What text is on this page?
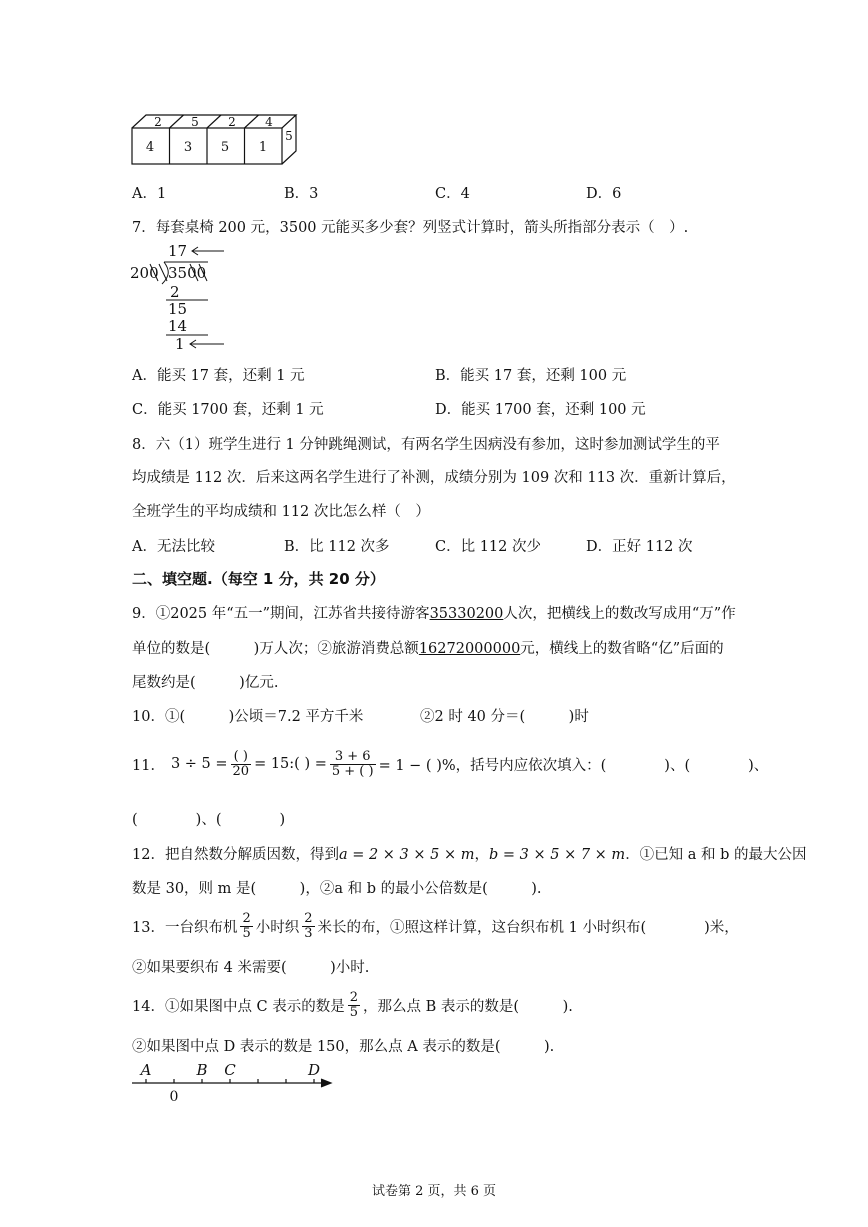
4 3 5 1
2 5 2 4
5
A．1	B．3	C．4	D．6
7．每套桌椅 200 元，3500 元能买多少套？列竖式计算时，箭头所指部分表示（　）.
17
200 3500
2
15
14
1
A．能买 17 套，还剩 1 元	B．能买 17 套，还剩 100 元
C．能买 1700 套，还剩 1 元	D．能买 1700 套，还剩 100 元
8．六（1）班学生进行 1 分钟跳绳测试，有两名学生因病没有参加，这时参加测试学生的平
均成绩是 112 次．后来这两名学生进行了补测，成绩分别为 109 次和 113 次．重新计算后，
全班学生的平均成绩和 112 次比怎么样（　）
A．无法比较	B．比 112 次多	C．比 112 次少	D．正好 112 次
二、填空题.（每空 1 分，共 20 分）
9．①2025 年“五一”期间，江苏省共接待游客35330200人次，把横线上的数改写成用“万”作
单位的数是(　　　)万人次；②旅游消费总额16272000000元，横线上的数省略“亿”后面的
尾数约是(　　　)亿元.
10．①(　　　)公顷＝7.2 平方千米	②2 时 40 分＝(　　　)时
11． $3 \div 5 = \frac{( )}{20}$ = 15:( ) = $\frac{3 + 6}{5 + ( )} = 1$ − ( )%，括号内应依次填入：(　　　　)、(　　　　)、
(　　　　)、(　　　　)
12．把自然数分解质因数，得到a = 2 × 3 × 5 × m，b = 3 × 5 × 7 × m．①已知 a 和 b 的最大公因
数是 30，则 m 是(　　　)，②a 和 b 的最小公倍数是(　　　).
13．一台织布机 $\frac{2}{5}$ 小时织 $\frac{2}{3}$ 米长的布，①照这样计算，这台织布机 1 小时织布(　　　　)米，
②如果要织布 4 米需要(　　　)小时.
14．①如果图中点 C 表示的数是 $\frac{2}{5}$ ，那么点 B 表示的数是(　　　).
②如果图中点 D 表示的数是 150，那么点 A 表示的数是(　　　).
A	B C	D
0
试卷第 2 页，共 6 页
